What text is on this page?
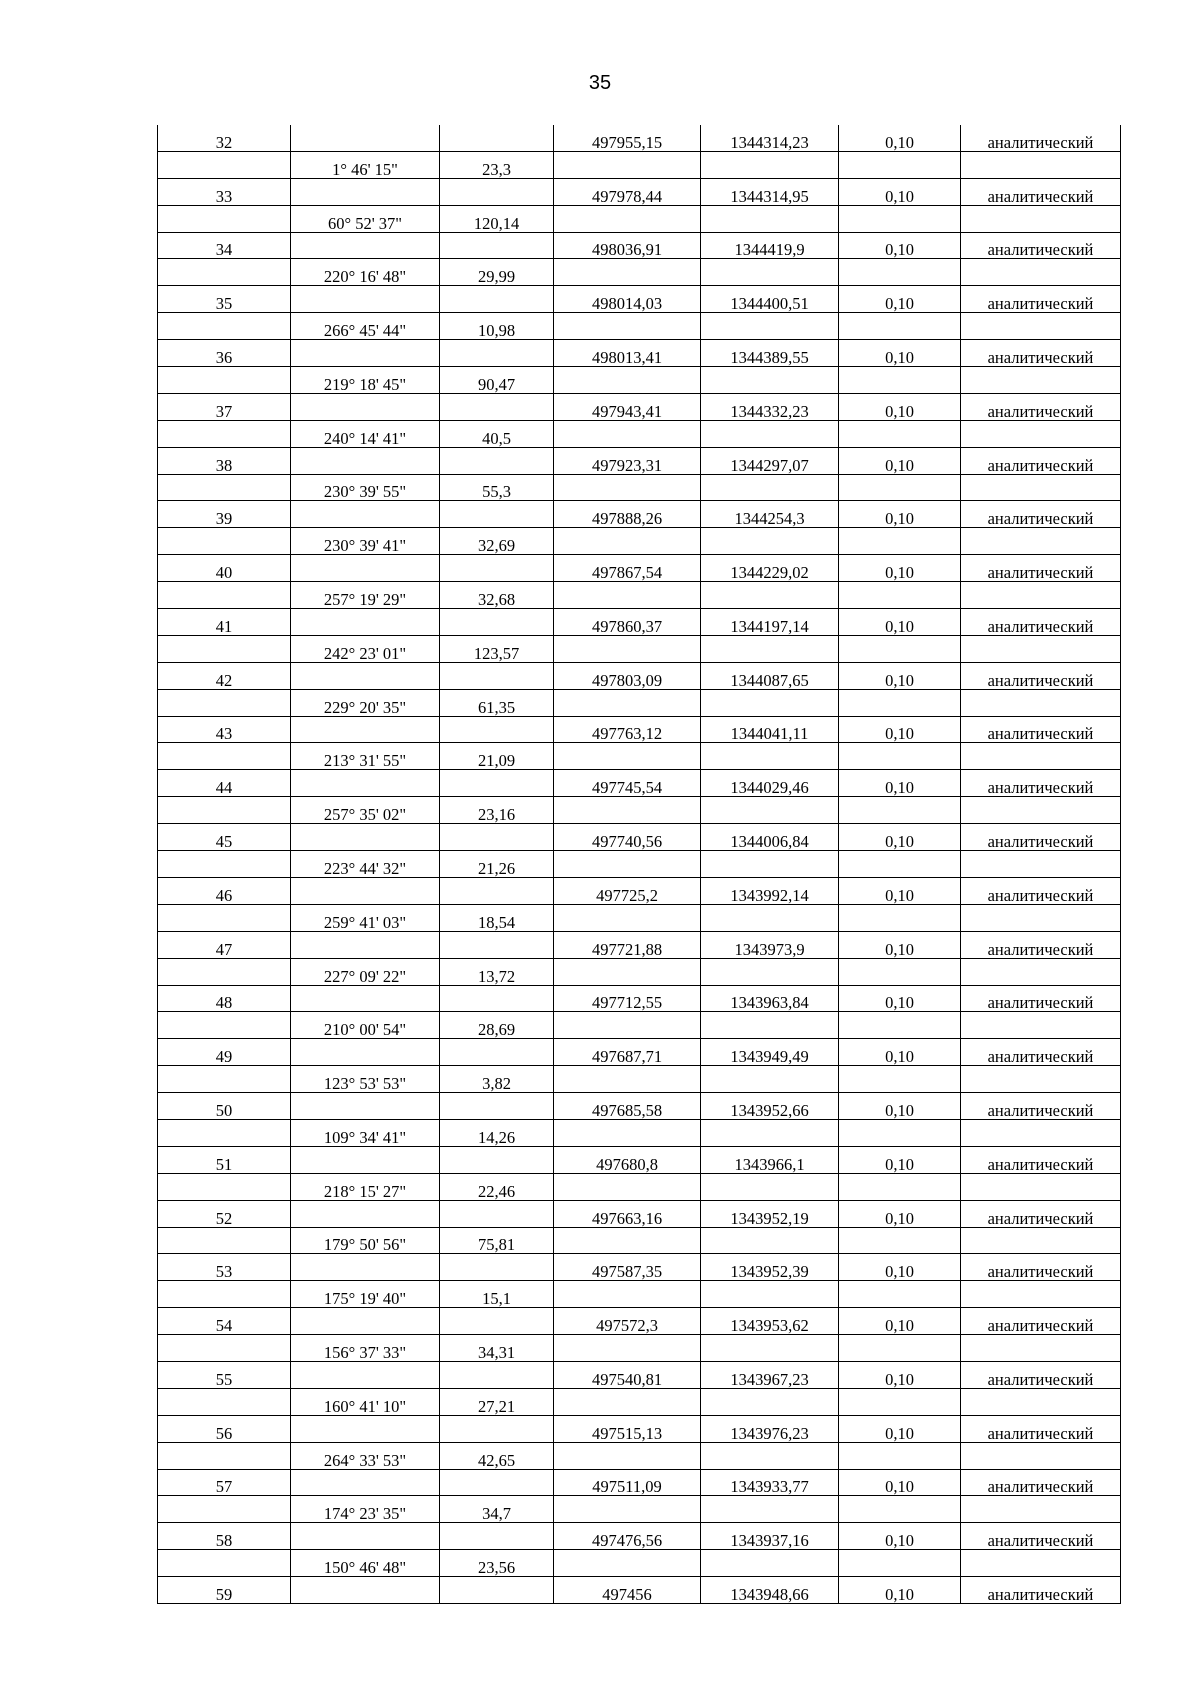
35
32			497955,15	1344314,23	0,10	аналитический
	1° 46' 15"	23,3				
33			497978,44	1344314,95	0,10	аналитический
	60° 52' 37"	120,14				
34			498036,91	1344419,9	0,10	аналитический
	220° 16' 48"	29,99				
35			498014,03	1344400,51	0,10	аналитический
	266° 45' 44"	10,98				
36			498013,41	1344389,55	0,10	аналитический
	219° 18' 45"	90,47				
37			497943,41	1344332,23	0,10	аналитический
	240° 14' 41"	40,5				
38			497923,31	1344297,07	0,10	аналитический
	230° 39' 55"	55,3				
39			497888,26	1344254,3	0,10	аналитический
	230° 39' 41"	32,69				
40			497867,54	1344229,02	0,10	аналитический
	257° 19' 29"	32,68				
41			497860,37	1344197,14	0,10	аналитический
	242° 23' 01"	123,57				
42			497803,09	1344087,65	0,10	аналитический
	229° 20' 35"	61,35				
43			497763,12	1344041,11	0,10	аналитический
	213° 31' 55"	21,09				
44			497745,54	1344029,46	0,10	аналитический
	257° 35' 02"	23,16				
45			497740,56	1344006,84	0,10	аналитический
	223° 44' 32"	21,26				
46			497725,2	1343992,14	0,10	аналитический
	259° 41' 03"	18,54				
47			497721,88	1343973,9	0,10	аналитический
	227° 09' 22"	13,72				
48			497712,55	1343963,84	0,10	аналитический
	210° 00' 54"	28,69				
49			497687,71	1343949,49	0,10	аналитический
	123° 53' 53"	3,82				
50			497685,58	1343952,66	0,10	аналитический
	109° 34' 41"	14,26				
51			497680,8	1343966,1	0,10	аналитический
	218° 15' 27"	22,46				
52			497663,16	1343952,19	0,10	аналитический
	179° 50' 56"	75,81				
53			497587,35	1343952,39	0,10	аналитический
	175° 19' 40"	15,1				
54			497572,3	1343953,62	0,10	аналитический
	156° 37' 33"	34,31				
55			497540,81	1343967,23	0,10	аналитический
	160° 41' 10"	27,21				
56			497515,13	1343976,23	0,10	аналитический
	264° 33' 53"	42,65				
57			497511,09	1343933,77	0,10	аналитический
	174° 23' 35"	34,7				
58			497476,56	1343937,16	0,10	аналитический
	150° 46' 48"	23,56				
59			497456	1343948,66	0,10	аналитический
